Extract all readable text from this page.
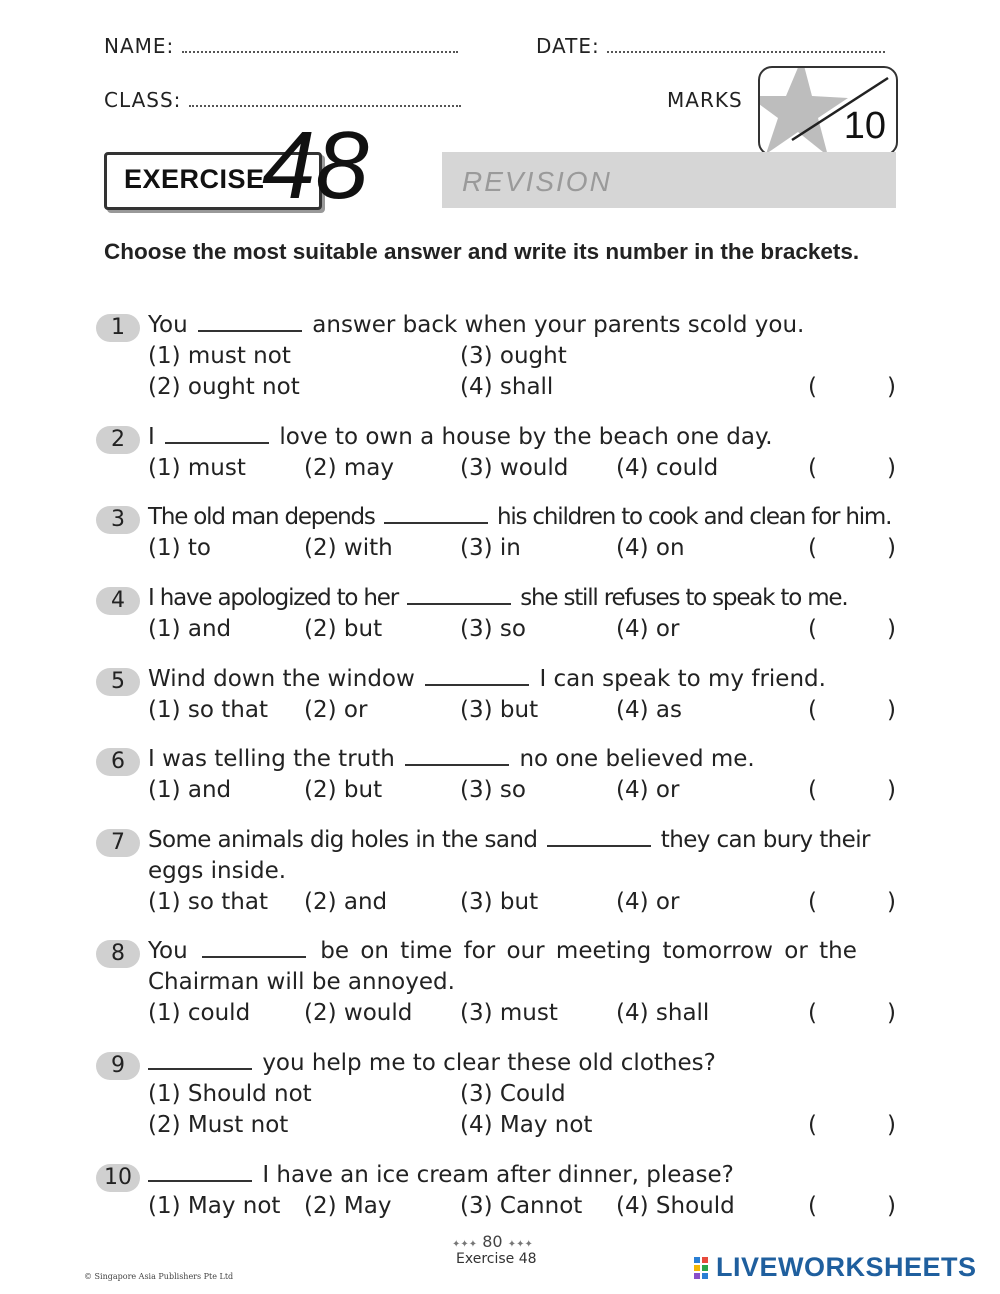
NAME:	DATE:
CLASS:	MARKS
10
EXERCISE
48	REVISION
Choose the most suitable answer and write its number in the brackets.
1	You	answer back when your parents scold you.
(1) must not
(2) ought not
(3) ought
(4) shall	(	)
2	I	love to own a house by the beach one day.
(1) must	(2) may	(3) would (4) could	(	)
3	The old man depends	his children to cook and clean for him.
(1) to	(2) with	(3) in	(4) on	(	)
4	I have apologized to her	she still refuses to speak to me.
(1) and	(2) but	(3) so	(4) or	(	)
5	Wind down the window	I can speak to my friend.
(1) so that (2) or	(3) but	(4) as	(	)
6	I was telling the truth	no one believed me.
(1) and	(2) but	(3) so	(4) or	(	)
7	Some animals dig holes in the sand	they can bury their
eggs inside.
(1) so that (2) and	(3) but	(4) or	(	)
8	You	be on time for our meeting tomorrow or the
Chairman will be annoyed.
(1) could (2) would (3) must	(4) shall	(	)
9	you help me to clear these old clothes?
(1) Should not
(2) Must not
(3) Could
(4) May not	(	)
10	I have an ice cream after dinner, please?
(1) May not (2) May	(3) Cannot (4) Should	(	)
✦✦✦ 80 ✦✦✦
Exercise 48
© Singapore Asia Publishers Pte Ltd	LIVEWORKSHEETS
